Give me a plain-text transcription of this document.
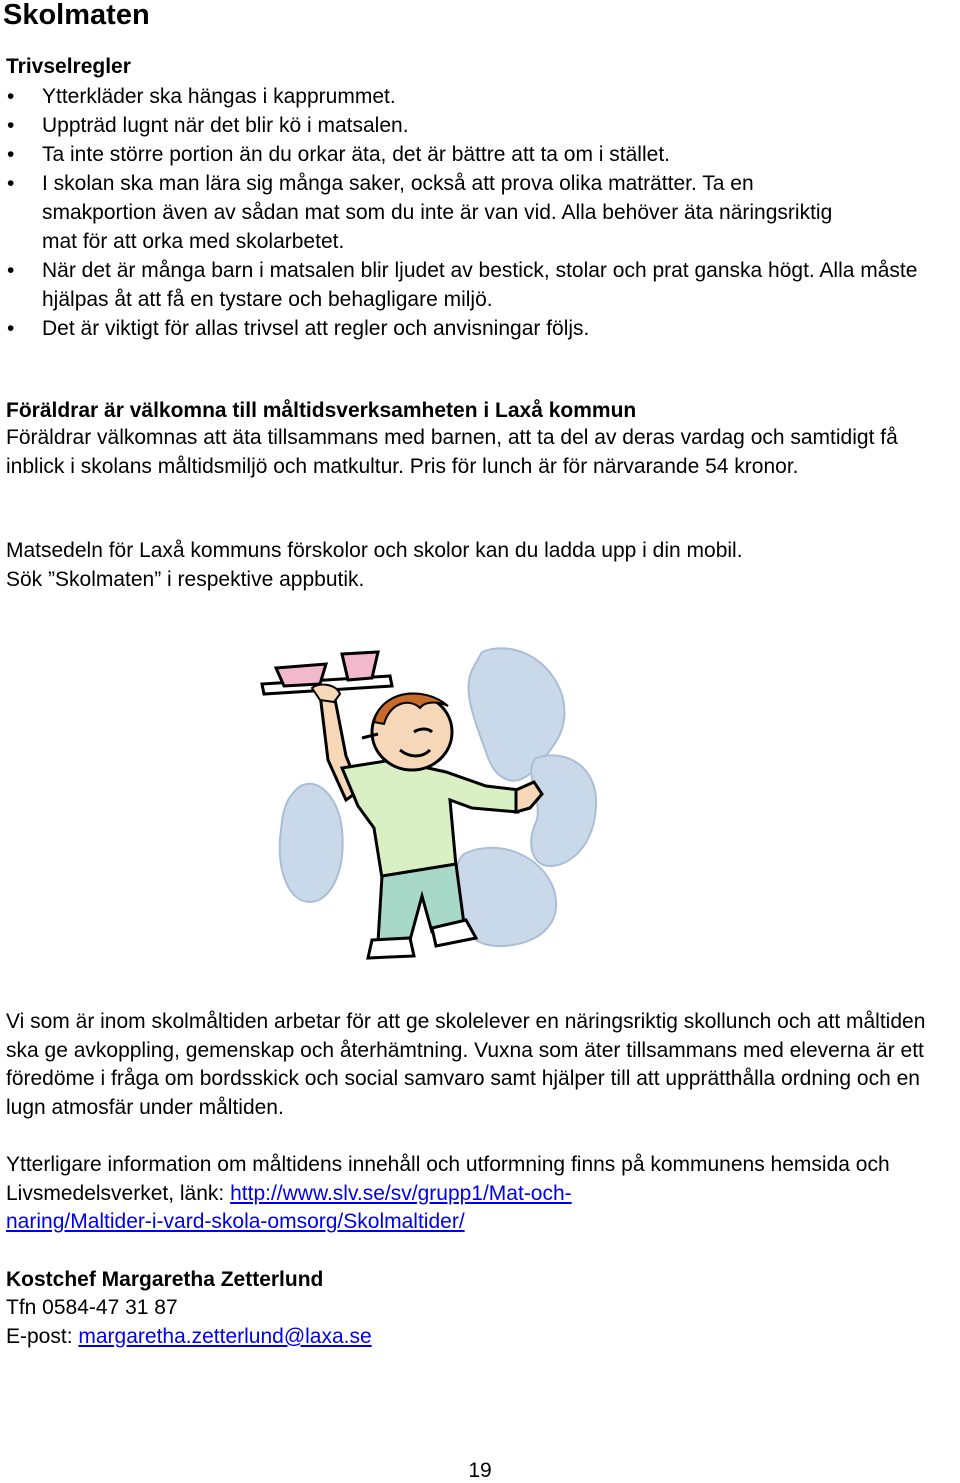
Skolmaten
Trivselregler
• Ytterkläder ska hängas i kapprummet.
• Uppträd lugnt när det blir kö i matsalen.
• Ta inte större portion än du orkar äta, det är bättre att ta om i stället.
• I skolan ska man lära sig många saker, också att prova olika maträtter. Ta en smakportion även av sådan mat som du inte är van vid. Alla behöver äta näringsriktig mat för att orka med skolarbetet.
• När det är många barn i matsalen blir ljudet av bestick, stolar och prat ganska högt. Alla måste hjälpas åt att få en tystare och behagligare miljö.
• Det är viktigt för allas trivsel att regler och anvisningar följs.
Föräldrar är välkomna till måltidsverksamheten i Laxå kommun

Föräldrar välkomnas att äta tillsammans med barnen, att ta del av deras vardag och samtidigt få inblick i skolans måltidsmiljö och matkultur. Pris för lunch är för närvarande 54 kronor.

Matsedeln för Laxå kommuns förskolor och skolor kan du ladda upp i din mobil.
Sök ”Skolmaten” i respektive appbutik.

Vi som är inom skolmåltiden arbetar för att ge skolelever en näringsriktig skollunch och att måltiden ska ge avkoppling, gemenskap och återhämtning. Vuxna som äter tillsammans med eleverna är ett föredöme i fråga om bordsskick och social samvaro samt hjälper till att upprätthålla ordning och en lugn atmosfär under måltiden.

Ytterligare information om måltidens innehåll och utformning finns på kommunens hemsida och Livsmedelsverket, länk: http://www.slv.se/sv/grupp1/Mat-och-
naring/Maltider-i-vard-skola-omsorg/Skolmaltider/

Kostchef Margaretha Zetterlund

Tfn 0584-47 31 87
E-post: margaretha.zetterlund@laxa.se

19
